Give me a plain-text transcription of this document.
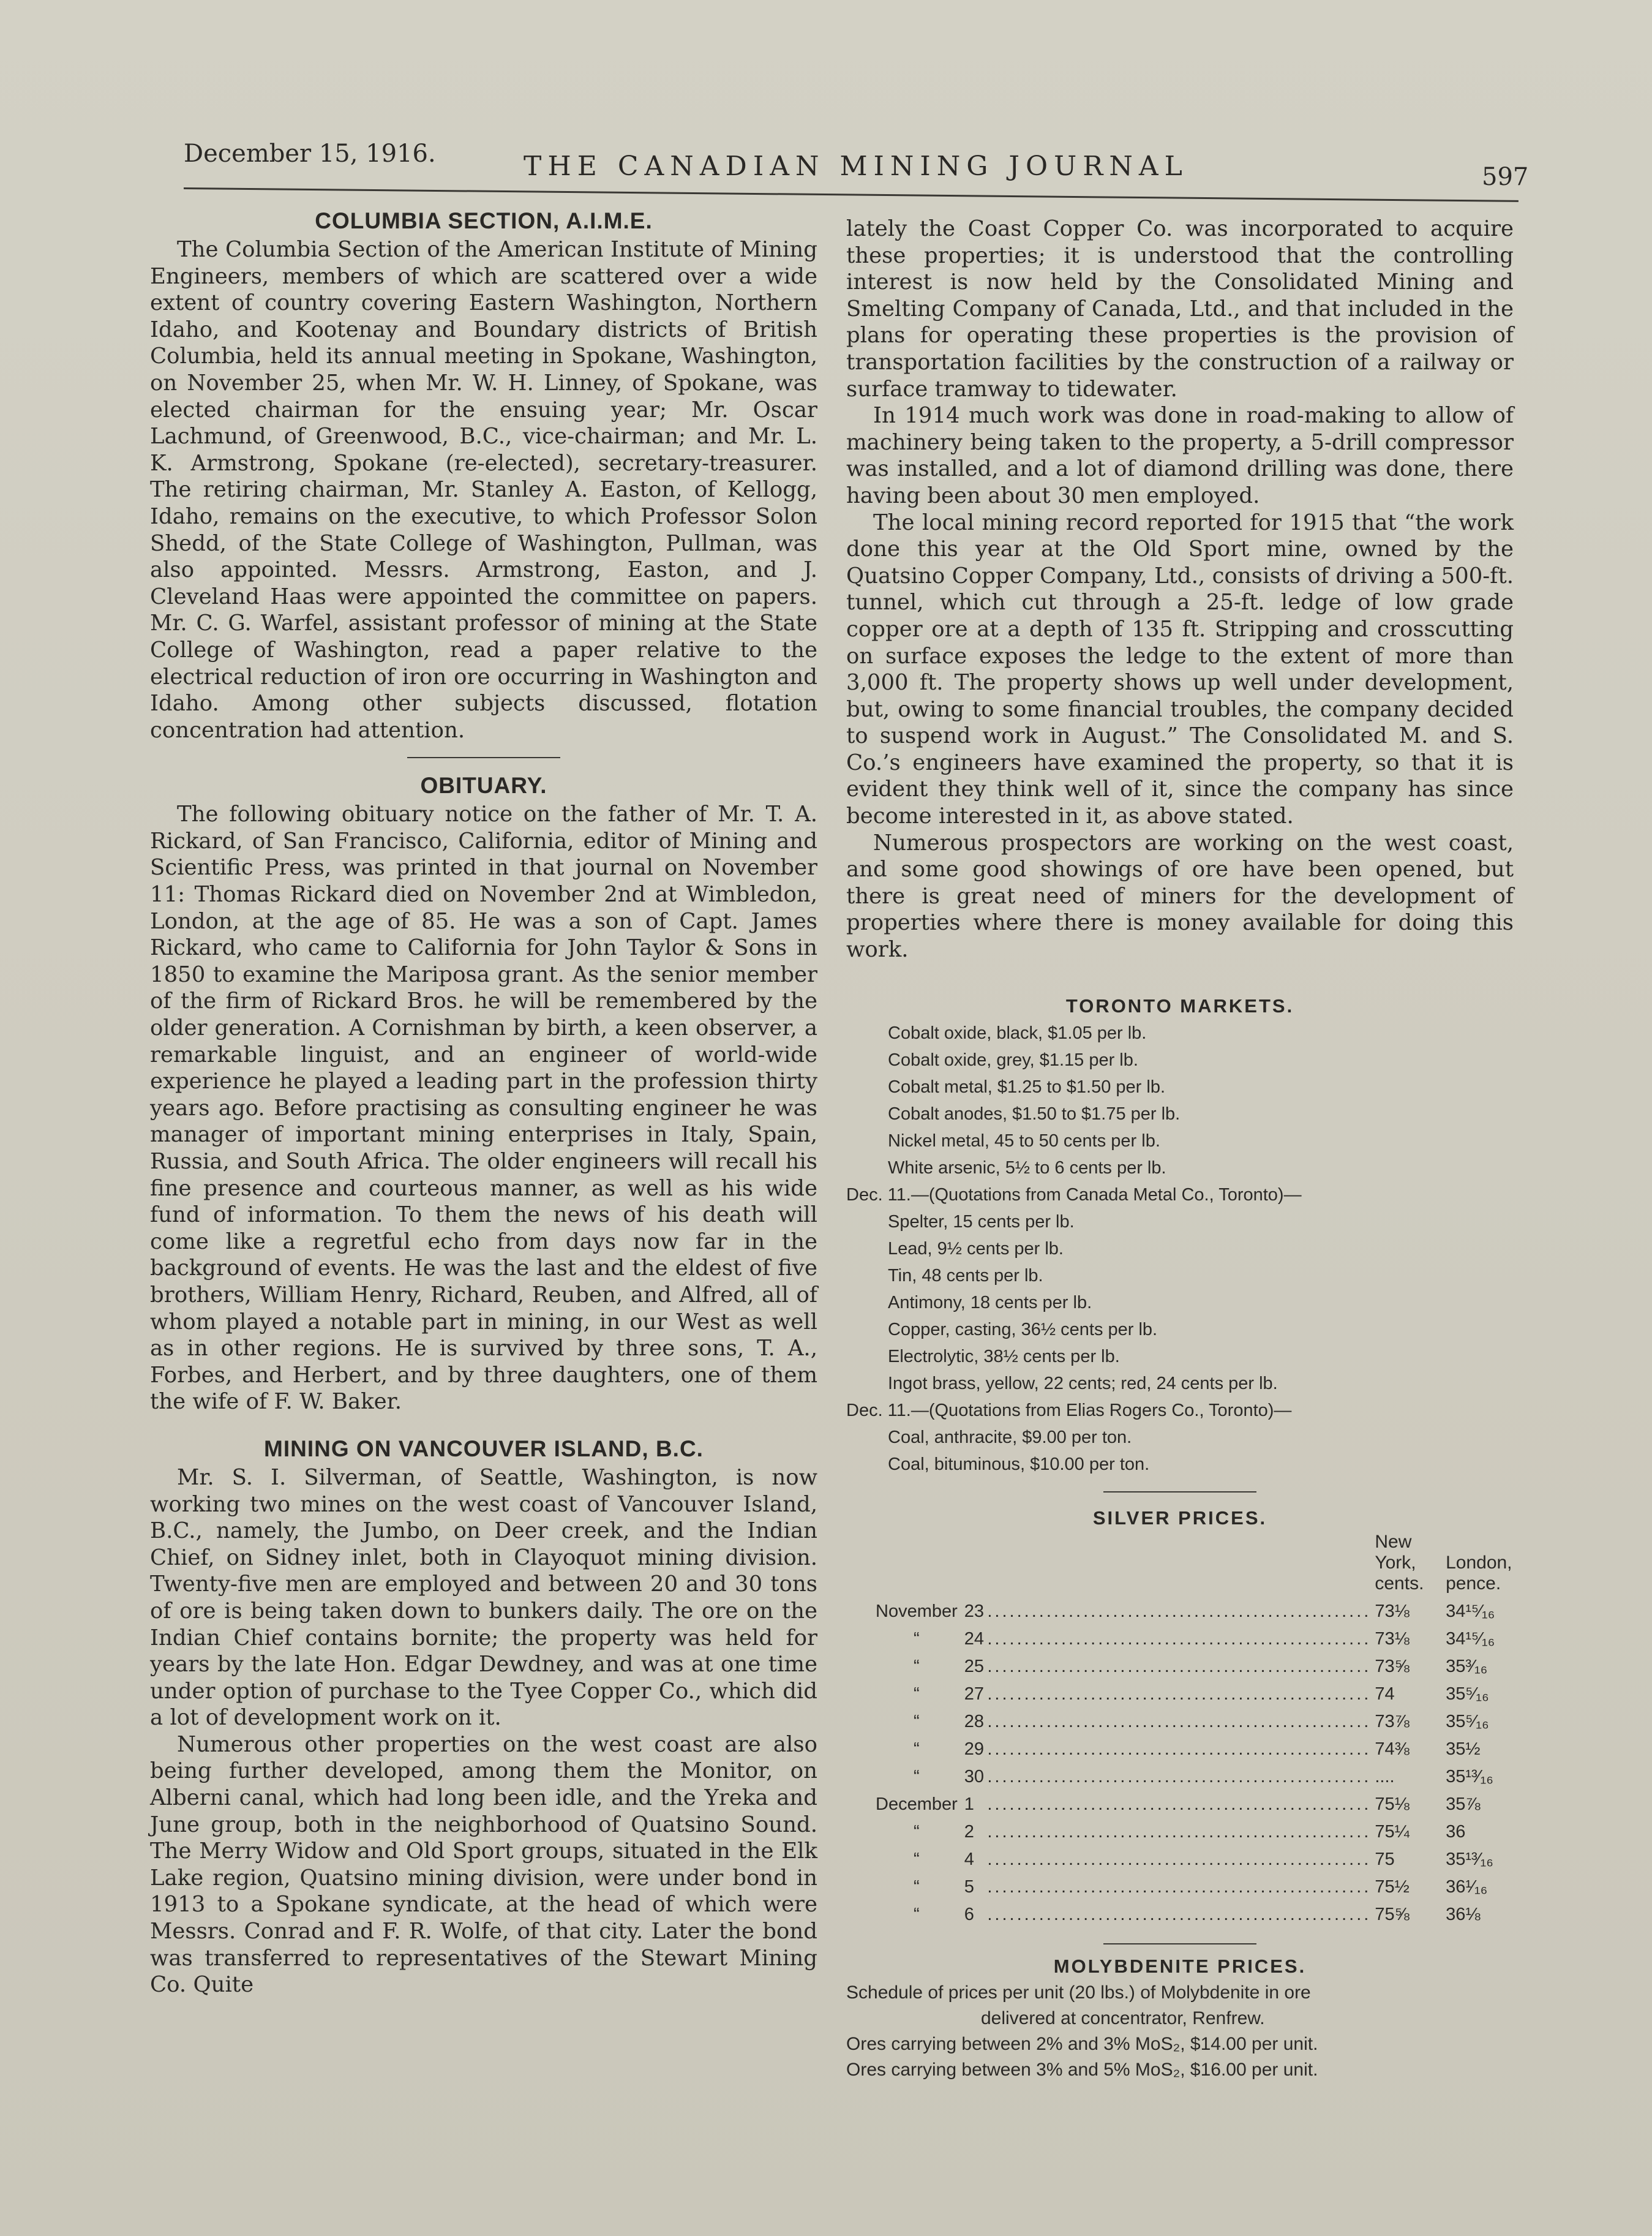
December 15, 1916.	THE CANADIAN MINING JOURNAL	597
COLUMBIA SECTION, A.I.M.E.

The Columbia Section of the American Institute of Mining Engineers, members of which are scattered over a wide extent of country covering Eastern Washington, Northern Idaho, and Kootenay and Boundary districts of British Columbia, held its annual meeting in Spokane, Washington, on November 25, when Mr. W. H. Linney, of Spokane, was elected chairman for the ensuing year; Mr. Oscar Lachmund, of Greenwood, B.C., vice-chairman; and Mr. L. K. Armstrong, Spokane (re-elected), secretary-treasurer. The retiring chairman, Mr. Stanley A. Easton, of Kellogg, Idaho, remains on the executive, to which Professor Solon Shedd, of the State College of Washington, Pullman, was also appointed. Messrs. Armstrong, Easton, and J. Cleveland Haas were appointed the committee on papers. Mr. C. G. Warfel, assistant professor of mining at the State College of Washington, read a paper relative to the electrical reduction of iron ore occurring in Washington and Idaho. Among other subjects discussed, flotation concentration had attention.

OBITUARY.

The following obituary notice on the father of Mr. T. A. Rickard, of San Francisco, California, editor of Mining and Scientific Press, was printed in that journal on November 11: Thomas Rickard died on November 2nd at Wimbledon, London, at the age of 85. He was a son of Capt. James Rickard, who came to California for John Taylor & Sons in 1850 to examine the Mariposa grant. As the senior member of the firm of Rickard Bros. he will be remembered by the older generation. A Cornishman by birth, a keen observer, a remarkable linguist, and an engineer of world-wide experience he played a leading part in the profession thirty years ago. Before practising as consulting engineer he was manager of important mining enterprises in Italy, Spain, Russia, and South Africa. The older engineers will recall his fine presence and courteous manner, as well as his wide fund of information. To them the news of his death will come like a regretful echo from days now far in the background of events. He was the last and the eldest of five brothers, William Henry, Richard, Reuben, and Alfred, all of whom played a notable part in mining, in our West as well as in other regions. He is survived by three sons, T. A., Forbes, and Herbert, and by three daughters, one of them the wife of F. W. Baker.

MINING ON VANCOUVER ISLAND, B.C.

Mr. S. I. Silverman, of Seattle, Washington, is now working two mines on the west coast of Vancouver Island, B.C., namely, the Jumbo, on Deer creek, and the Indian Chief, on Sidney inlet, both in Clayoquot mining division. Twenty-five men are employed and between 20 and 30 tons of ore is being taken down to bunkers daily. The ore on the Indian Chief contains bornite; the property was held for years by the late Hon. Edgar Dewdney, and was at one time under option of purchase to the Tyee Copper Co., which did a lot of development work on it.

Numerous other properties on the west coast are also being further developed, among them the Monitor, on Alberni canal, which had long been idle, and the Yreka and June group, both in the neighborhood of Quatsino Sound. The Merry Widow and Old Sport groups, situated in the Elk Lake region, Quatsino mining division, were under bond in 1913 to a Spokane syndicate, at the head of which were Messrs. Conrad and F. R. Wolfe, of that city. Later the bond was transferred to representatives of the Stewart Mining Co. Quite

lately the Coast Copper Co. was incorporated to acquire these properties; it is understood that the controlling interest is now held by the Consolidated Mining and Smelting Company of Canada, Ltd., and that included in the plans for operating these properties is the provision of transportation facilities by the construction of a railway or surface tramway to tidewater.

In 1914 much work was done in road-making to allow of machinery being taken to the property, a 5-drill compressor was installed, and a lot of diamond drilling was done, there having been about 30 men employed.

The local mining record reported for 1915 that “the work done this year at the Old Sport mine, owned by the Quatsino Copper Company, Ltd., consists of driving a 500-ft. tunnel, which cut through a 25-ft. ledge of low grade copper ore at a depth of 135 ft. Stripping and crosscutting on surface exposes the ledge to the extent of more than 3,000 ft. The property shows up well under development, but, owing to some financial troubles, the company decided to suspend work in August.” The Consolidated M. and S. Co.’s engineers have examined the property, so that it is evident they think well of it, since the company has since become interested in it, as above stated.

Numerous prospectors are working on the west coast, and some good showings of ore have been opened, but there is great need of miners for the development of properties where there is money available for doing this work.

TORONTO MARKETS.
Cobalt oxide, black, $1.05 per lb.
Cobalt oxide, grey, $1.15 per lb.
Cobalt metal, $1.25 to $1.50 per lb.
Cobalt anodes, $1.50 to $1.75 per lb.
Nickel metal, 45 to 50 cents per lb.
White arsenic, 5½ to 6 cents per lb.
Dec. 11.—(Quotations from Canada Metal Co., Toronto)—
Spelter, 15 cents per lb.
Lead, 9½ cents per lb.
Tin, 48 cents per lb.
Antimony, 18 cents per lb.
Copper, casting, 36½ cents per lb.
Electrolytic, 38½ cents per lb.
Ingot brass, yellow, 22 cents; red, 24 cents per lb.
Dec. 11.—(Quotations from Elias Rogers Co., Toronto)—
Coal, anthracite, $9.00 per ton.
Coal, bituminous, $10.00 per ton.
SILVER PRICES.
			New York,	London,
			cents.	pence.
November	23	....................................................	73⅛	34¹⁵⁄₁₆
“	24	....................................................	73⅛	34¹⁵⁄₁₆
“	25	....................................................	73⅝	35³⁄₁₆
“	27	....................................................	74	35⁵⁄₁₆
“	28	....................................................	73⅞	35⁵⁄₁₆
“	29	....................................................	74⅜	35½
“	30	....................................................	....	35¹³⁄₁₆
December	1	....................................................	75⅛	35⅞
“	2	....................................................	75¼	36
“	4	....................................................	75	35¹³⁄₁₆
“	5	....................................................	75½	36¹⁄₁₆
“	6	....................................................	75⅝	36⅛
MOLYBDENITE PRICES.
Schedule of prices per unit (20 lbs.) of Molybdenite in ore
delivered at concentrator, Renfrew.
Ores carrying between 2% and 3% MoS₂, $14.00 per unit.
Ores carrying between 3% and 5% MoS₂, $16.00 per unit.
